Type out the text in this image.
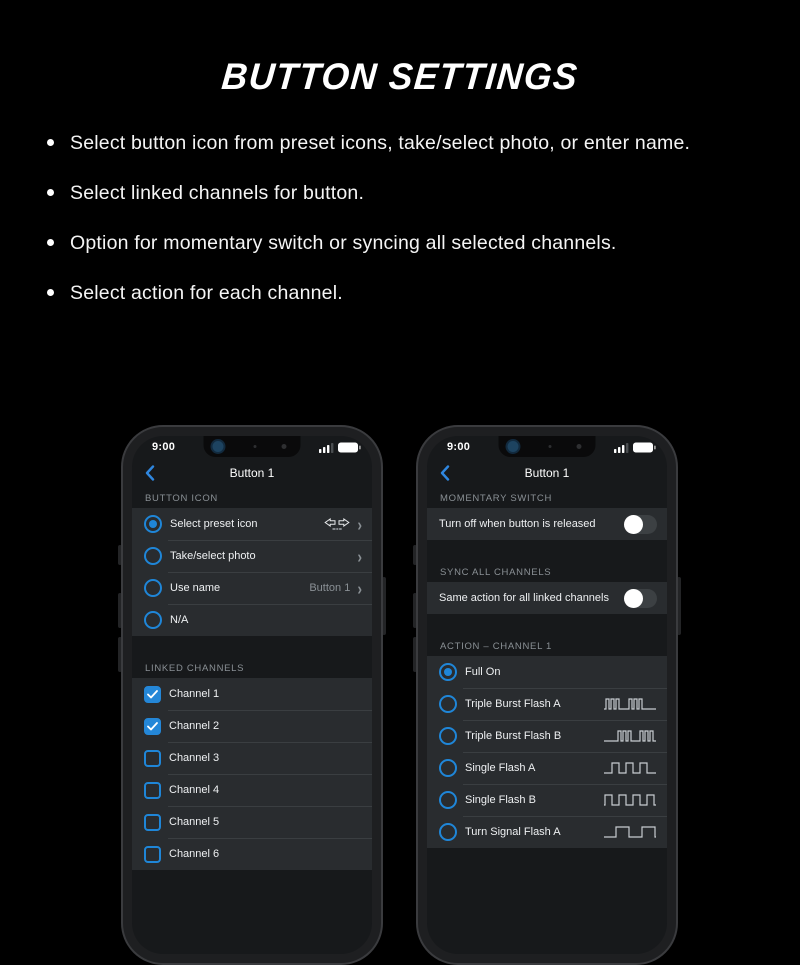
BUTTON SETTINGS
Select button icon from preset icons, take/select photo, or enter name.
Select linked channels for button.
Option for momentary switch or syncing all selected channels.
Select action for each channel.
9:00
Button 1
BUTTON ICON
Select preset icon	›
Take/select photo	›
Use name	Button 1 ›
N/A
LINKED CHANNELS
Channel 1
Channel 2
Channel 3
Channel 4
Channel 5
Channel 6
9:00
Button 1
MOMENTARY SWITCH
Turn off when button is released
SYNC ALL CHANNELS
Same action for all linked channels
ACTION – CHANNEL 1
Full On
Triple Burst Flash A
Triple Burst Flash B
Single Flash A
Single Flash B
Turn Signal Flash A
